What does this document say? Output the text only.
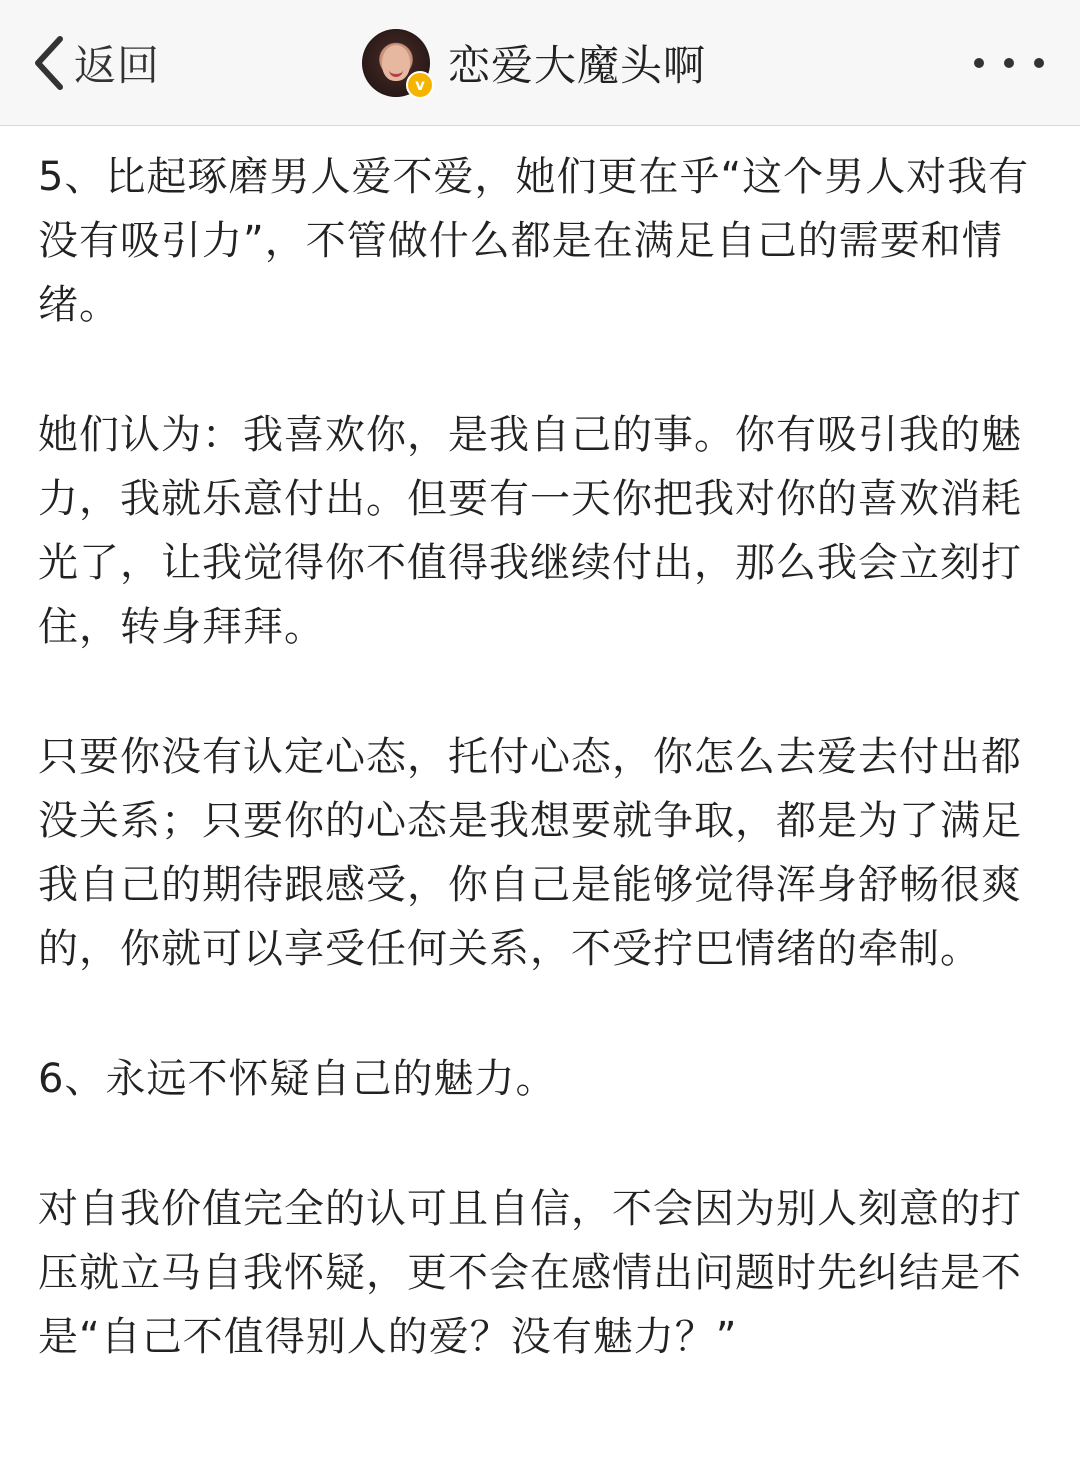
返回	v 恋爱大魔头啊

5、比起琢磨男人爱不爱，她们更在乎“这个男人对我有没有吸引力”，不管做什么都是在满足自己的需要和情绪。

她们认为：我喜欢你，是我自己的事。你有吸引我的魅力，我就乐意付出。但要有一天你把我对你的喜欢消耗光了，让我觉得你不值得我继续付出，那么我会立刻打住，转身拜拜。

只要你没有认定心态，托付心态，你怎么去爱去付出都没关系；只要你的心态是我想要就争取，都是为了满足我自己的期待跟感受，你自己是能够觉得浑身舒畅很爽的，你就可以享受任何关系，不受拧巴情绪的牵制。

6、永远不怀疑自己的魅力。

对自我价值完全的认可且自信，不会因为别人刻意的打压就立马自我怀疑，更不会在感情出问题时先纠结是不是“自己不值得别人的爱？没有魅力？”
